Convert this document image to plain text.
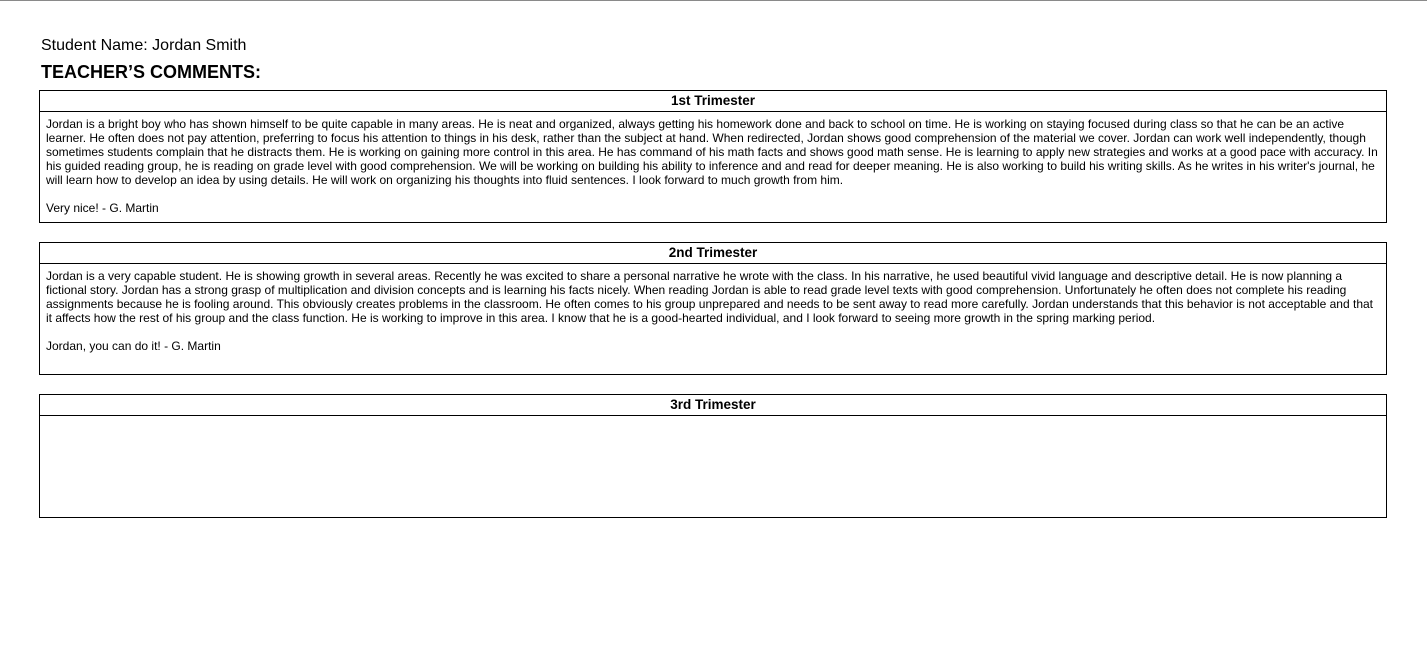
Student Name: Jordan Smith
TEACHER’S COMMENTS:
1st Trimester

Jordan is a bright boy who has shown himself to be quite capable in many areas. He is neat and organized, always getting his homework done and back to school on time. He is working on staying focused during class so that he can be an active learner. He often does not pay attention, preferring to focus his attention to things in his desk, rather than the subject at hand. When redirected, Jordan shows good comprehension of the material we cover. Jordan can work well independently, though sometimes students complain that he distracts them. He is working on gaining more control in this area. He has command of his math facts and shows good math sense. He is learning to apply new strategies and works at a good pace with accuracy. In his guided reading group, he is reading on grade level with good comprehension. We will be working on building his ability to inference and and read for deeper meaning. He is also working to build his writing skills. As he writes in his writer's journal, he will learn how to develop an idea by using details. He will work on organizing his thoughts into fluid sentences. I look forward to much growth from him.

Very nice! - G. Martin

2nd Trimester

Jordan is a very capable student. He is showing growth in several areas. Recently he was excited to share a personal narrative he wrote with the class. In his narrative, he used beautiful vivid language and descriptive detail. He is now planning a fictional story. Jordan has a strong grasp of multiplication and division concepts and is learning his facts nicely. When reading Jordan is able to read grade level texts with good comprehension. Unfortunately he often does not complete his reading assignments because he is fooling around. This obviously creates problems in the classroom. He often comes to his group unprepared and needs to be sent away to read more carefully. Jordan understands that this behavior is not acceptable and that it affects how the rest of his group and the class function. He is working to improve in this area. I know that he is a good-hearted individual, and I look forward to seeing more growth in the spring marking period.

Jordan, you can do it! - G. Martin

3rd Trimester
